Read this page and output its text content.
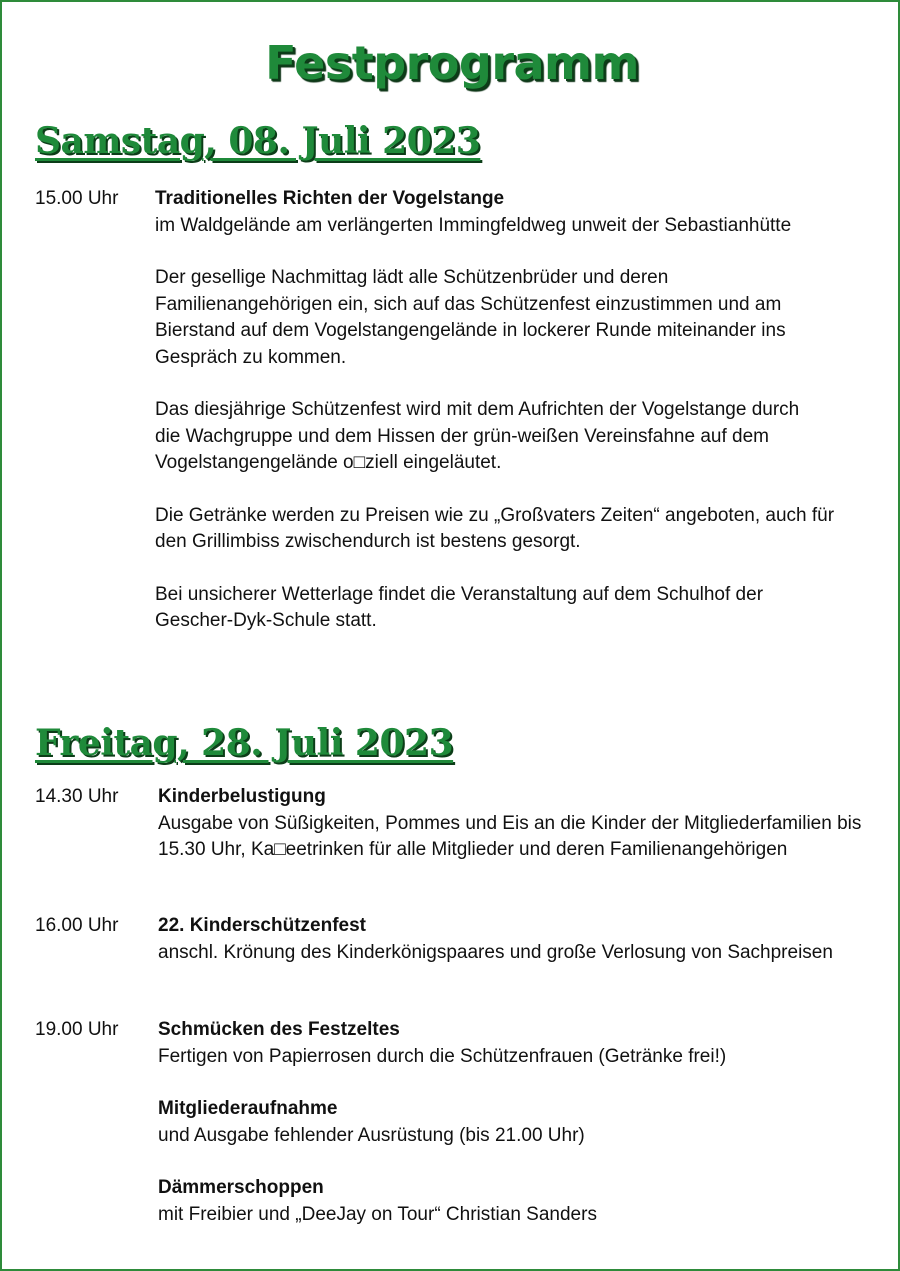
Festprogramm
Samstag, 08. Juli 2023
15.00 Uhr Traditionelles Richten der Vogelstange
im Waldgelände am verlängerten Immingfeldweg unweit der Sebastianhütte
Der gesellige Nachmittag lädt alle Schützenbrüder und deren Familienangehörigen ein, sich auf das Schützenfest einzustimmen und am Bierstand auf dem Vogelstangengelände in lockerer Runde miteinander ins Gespräch zu kommen.
Das diesjährige Schützenfest wird mit dem Aufrichten der Vogelstange durch die Wachgruppe und dem Hissen der grün-weißen Vereinsfahne auf dem Vogelstangengelände o□ziell eingeläutet.
Die Getränke werden zu Preisen wie zu „Großvaters Zeiten“ angeboten, auch für den Grillimbiss zwischendurch ist bestens gesorgt.
Bei unsicherer Wetterlage findet die Veranstaltung auf dem Schulhof der Gescher-Dyk-Schule statt.
Freitag, 28. Juli 2023
14.30 Uhr Kinderbelustigung
Ausgabe von Süßigkeiten, Pommes und Eis an die Kinder der Mitgliederfamilien bis 15.30 Uhr, Ka□eetrinken für alle Mitglieder und deren Familienangehörigen
16.00 Uhr 22. Kinderschützenfest
anschl. Krönung des Kinderkönigspaares und große Verlosung von Sachpreisen
19.00 Uhr Schmücken des Festzeltes
Fertigen von Papierrosen durch die Schützenfrauen (Getränke frei!)
Mitgliederaufnahme
und Ausgabe fehlender Ausrüstung (bis 21.00 Uhr)
Dämmerschoppen
mit Freibier und „DeeJay on Tour“ Christian Sanders
